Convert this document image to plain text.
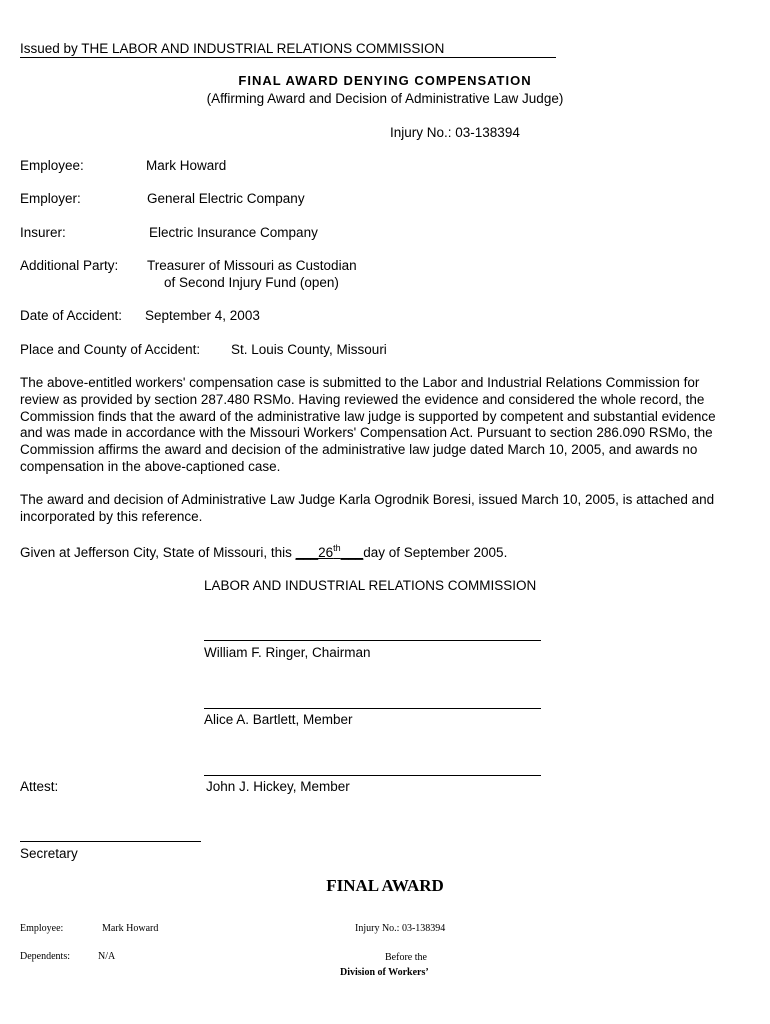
Issued by THE LABOR AND INDUSTRIAL RELATIONS COMMISSION
FINAL AWARD DENYING COMPENSATION
(Affirming Award and Decision of Administrative Law Judge)
Injury No.: 03-138394
Employee:	Mark Howard
Employer:	General Electric Company
Insurer:	Electric Insurance Company
Additional Party: Treasurer of Missouri as Custodian
of Second Injury Fund (open)
Date of Accident: September 4, 2003
Place and County of Accident: St. Louis County, Missouri
The above-entitled workers' compensation case is submitted to the Labor and Industrial Relations Commission for review as provided by section 287.480 RSMo. Having reviewed the evidence and considered the whole record, the Commission finds that the award of the administrative law judge is supported by competent and substantial evidence and was made in accordance with the Missouri Workers' Compensation Act. Pursuant to section 286.090 RSMo, the Commission affirms the award and decision of the administrative law judge dated March 10, 2005, and awards no compensation in the above-captioned case.
The award and decision of Administrative Law Judge Karla Ogrodnik Boresi, issued March 10, 2005, is attached and incorporated by this reference.
Given at Jefferson City, State of Missouri, this ___26th___day of September 2005.
LABOR AND INDUSTRIAL RELATIONS COMMISSION
William F. Ringer, Chairman
Alice A. Bartlett, Member
Attest:	John J. Hickey, Member
Secretary
FINAL AWARD
Employee:	Mark Howard	Injury No.: 03-138394
Dependents:	N/A	Before the
Division of Workers’
